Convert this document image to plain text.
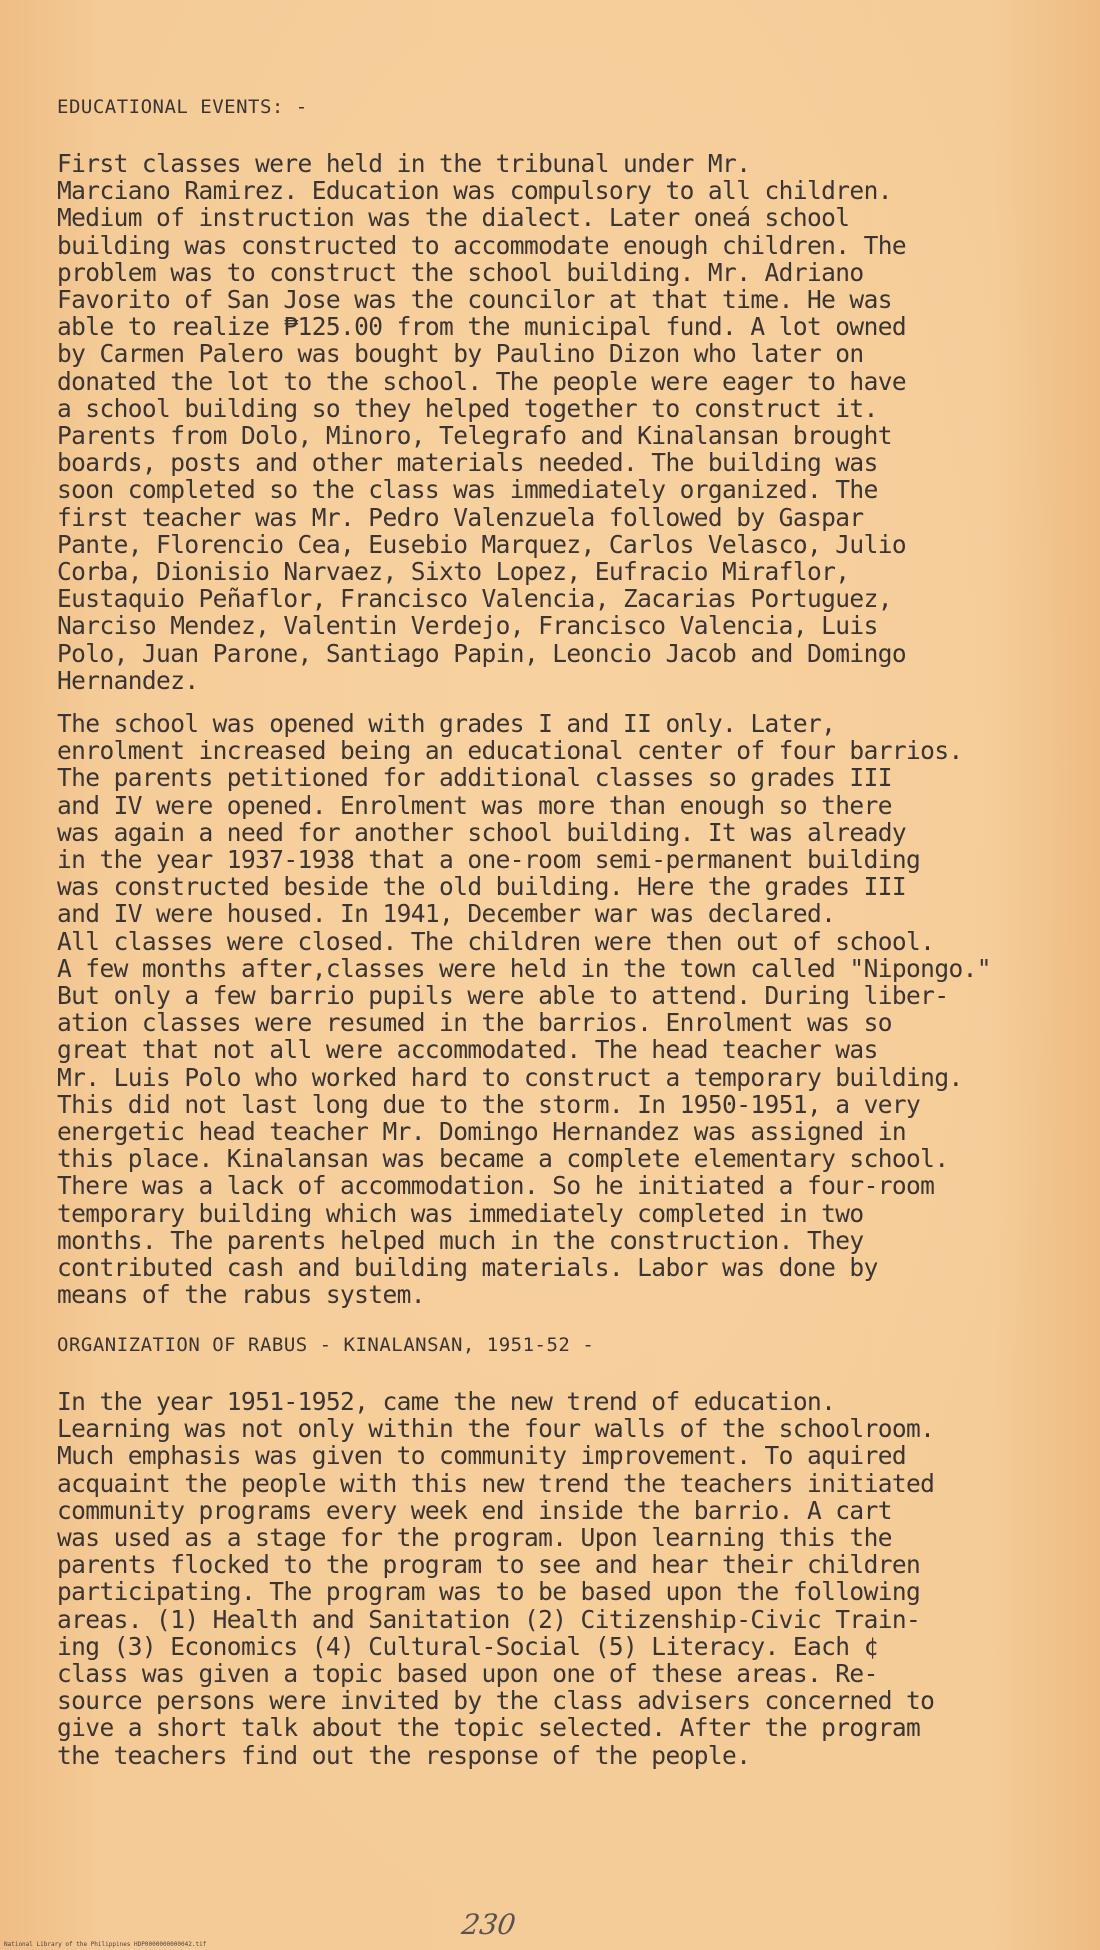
EDUCATIONAL EVENTS: -

First classes were held in the tribunal under Mr.
Marciano Ramirez. Education was compulsory to all children.
Medium of instruction was the dialect. Later oneá school
building was constructed to accommodate enough children. The
problem was to construct the school building. Mr. Adriano
Favorito of San Jose was the councilor at that time. He was
able to realize ₱125.00 from the municipal fund. A lot owned
by Carmen Palero was bought by Paulino Dizon who later on
donated the lot to the school. The people were eager to have
a school building so they helped together to construct it.
Parents from Dolo, Minoro, Telegrafo and Kinalansan brought
boards, posts and other materials needed. The building was
soon completed so the class was immediately organized. The
first teacher was Mr. Pedro Valenzuela followed by Gaspar
Pante, Florencio Cea, Eusebio Marquez, Carlos Velasco, Julio
Corba, Dionisio Narvaez, Sixto Lopez, Eufracio Miraflor,
Eustaquio Peñaflor, Francisco Valencia, Zacarias Portuguez,
Narciso Mendez, Valentin Verdejo, Francisco Valencia, Luis
Polo, Juan Parone, Santiago Papin, Leoncio Jacob and Domingo
Hernandez.

The school was opened with grades I and II only. Later,
enrolment increased being an educational center of four barrios.
The parents petitioned for additional classes so grades III
and IV were opened. Enrolment was more than enough so there
was again a need for another school building. It was already
in the year 1937-1938 that a one-room semi-permanent building
was constructed beside the old building. Here the grades III
and IV were housed. In 1941, December war was declared.
All classes were closed. The children were then out of school.
A few months after,classes were held in the town called "Nipongo."
But only a few barrio pupils were able to attend. During liber-
ation classes were resumed in the barrios. Enrolment was so
great that not all were accommodated. The head teacher was
Mr. Luis Polo who worked hard to construct a temporary building.
This did not last long due to the storm. In 1950-1951, a very
energetic head teacher Mr. Domingo Hernandez was assigned in
this place. Kinalansan was became a complete elementary school.
There was a lack of accommodation. So he initiated a four-room
temporary building which was immediately completed in two
months. The parents helped much in the construction. They
contributed cash and building materials. Labor was done by
means of the rabus system.

ORGANIZATION OF RABUS - KINALANSAN, 1951-52 -

In the year 1951-1952, came the new trend of education.
Learning was not only within the four walls of the schoolroom.
Much emphasis was given to community improvement. To aquired
acquaint the people with this new trend the teachers initiated
community programs every week end inside the barrio. A cart
was used as a stage for the program. Upon learning this the
parents flocked to the program to see and hear their children
participating. The program was to be based upon the following
areas. (1) Health and Sanitation (2) Citizenship-Civic Train-
ing (3) Economics (4) Cultural-Social (5) Literacy. Each ¢
class was given a topic based upon one of these areas. Re-
source persons were invited by the class advisers concerned to
give a short talk about the topic selected. After the program
the teachers find out the response of the people.

230
National Library of the Philippines HDP0000000000042.tif
